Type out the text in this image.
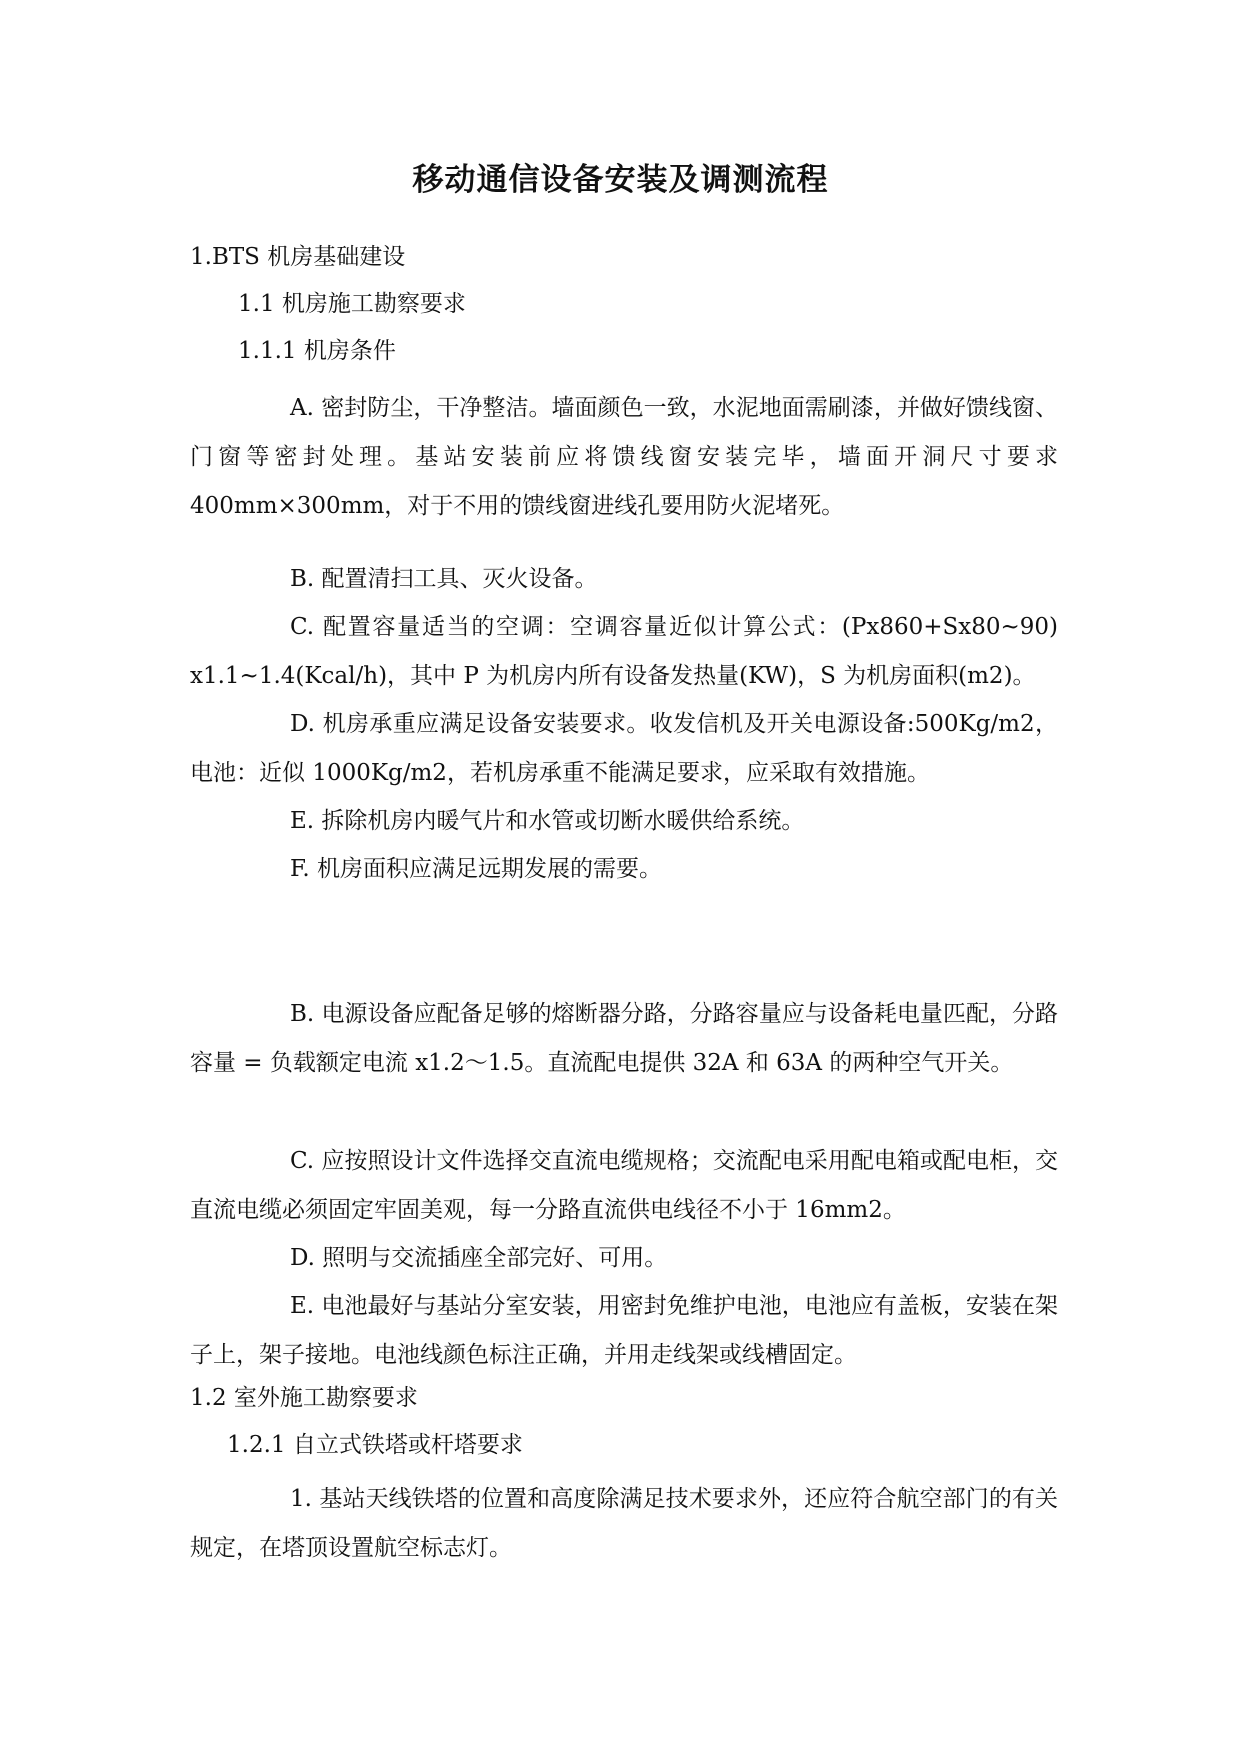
移动通信设备安装及调测流程
1.BTS 机房基础建设
1.1 机房施工勘察要求
1.1.1 机房条件
A. 密封防尘，干净整洁。墙面颜色一致，水泥地面需刷漆，并做好馈线窗、门窗等密封处理。基站安装前应将馈线窗安装完毕，墙面开洞尺寸要求 400mm×300mm，对于不用的馈线窗进线孔要用防火泥堵死。
B. 配置清扫工具、灭火设备。
C. 配置容量适当的空调：空调容量近似计算公式：(Px860+Sx80~90) x1.1~1.4(Kcal/h)，其中 P 为机房内所有设备发热量(KW)，S 为机房面积(m2)。
D. 机房承重应满足设备安装要求。收发信机及开关电源设备:500Kg/m2，电池：近似 1000Kg/m2，若机房承重不能满足要求，应采取有效措施。
E. 拆除机房内暖气片和水管或切断水暖供给系统。
F. 机房面积应满足远期发展的需要。
B. 电源设备应配备足够的熔断器分路，分路容量应与设备耗电量匹配，分路容量 = 负载额定电流 x1.2～1.5。直流配电提供 32A 和 63A 的两种空气开关。
C. 应按照设计文件选择交直流电缆规格；交流配电采用配电箱或配电柜，交直流电缆必须固定牢固美观，每一分路直流供电线径不小于 16mm2。
D. 照明与交流插座全部完好、可用。
E. 电池最好与基站分室安装，用密封免维护电池，电池应有盖板，安装在架子上，架子接地。电池线颜色标注正确，并用走线架或线槽固定。
1.2 室外施工勘察要求
1.2.1 自立式铁塔或杆塔要求
1. 基站天线铁塔的位置和高度除满足技术要求外，还应符合航空部门的有关规定，在塔顶设置航空标志灯。
